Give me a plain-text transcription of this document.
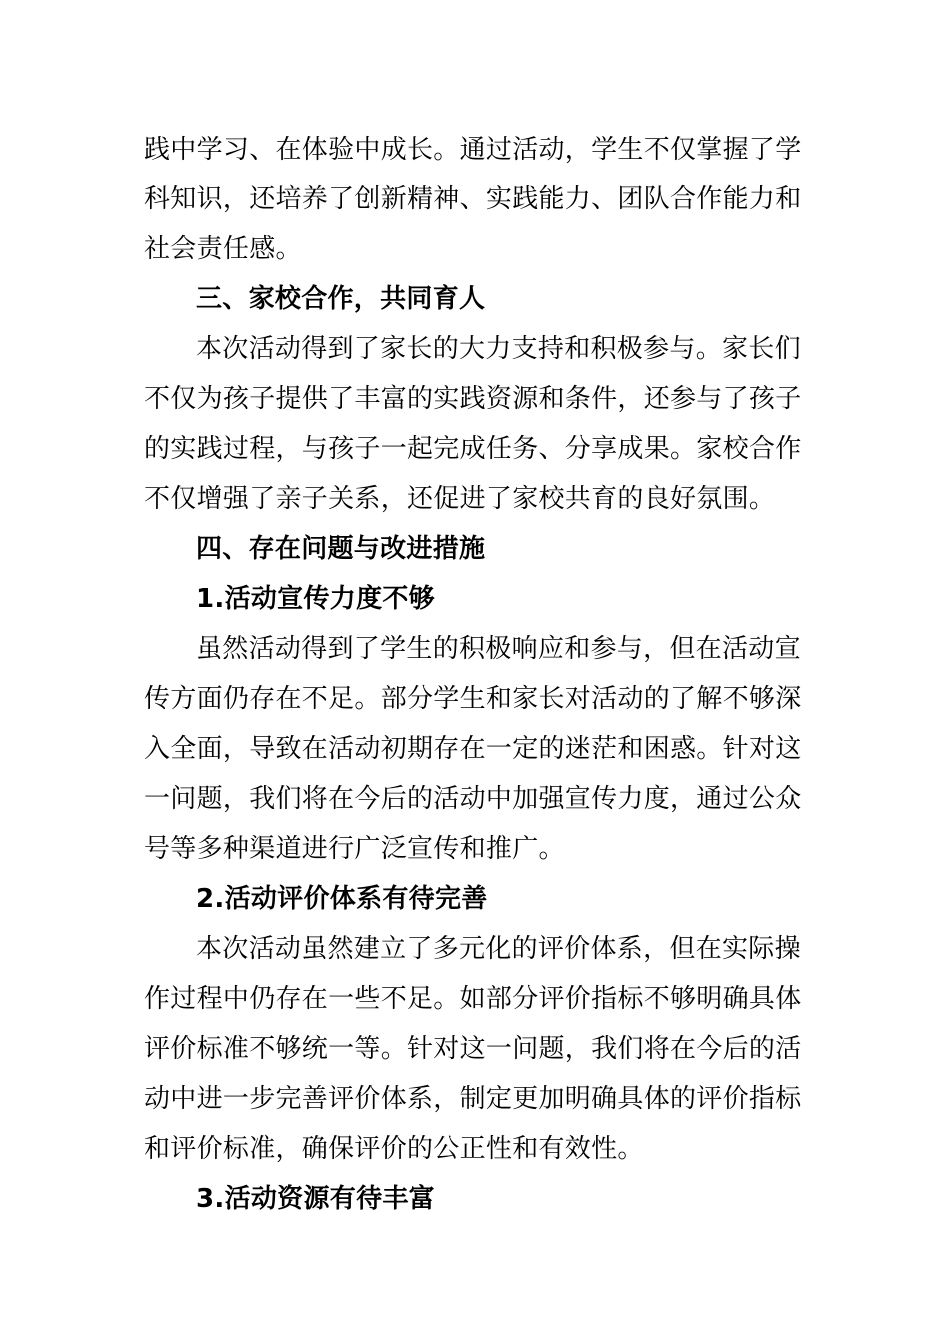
践中学习、在体验中成长。通过活动，学生不仅掌握了学
科知识，还培养了创新精神、实践能力、团队合作能力和
社会责任感。
三、家校合作，共同育人
本次活动得到了家长的大力支持和积极参与。家长们
不仅为孩子提供了丰富的实践资源和条件，还参与了孩子
的实践过程，与孩子一起完成任务、分享成果。家校合作
不仅增强了亲子关系，还促进了家校共育的良好氛围。
四、存在问题与改进措施
1.活动宣传力度不够
虽然活动得到了学生的积极响应和参与，但在活动宣
传方面仍存在不足。部分学生和家长对活动的了解不够深
入全面，导致在活动初期存在一定的迷茫和困惑。针对这
一问题，我们将在今后的活动中加强宣传力度，通过公众
号等多种渠道进行广泛宣传和推广。
2.活动评价体系有待完善
本次活动虽然建立了多元化的评价体系，但在实际操
作过程中仍存在一些不足。如部分评价指标不够明确具体
评价标准不够统一等。针对这一问题，我们将在今后的活
动中进一步完善评价体系，制定更加明确具体的评价指标
和评价标准，确保评价的公正性和有效性。
3.活动资源有待丰富
